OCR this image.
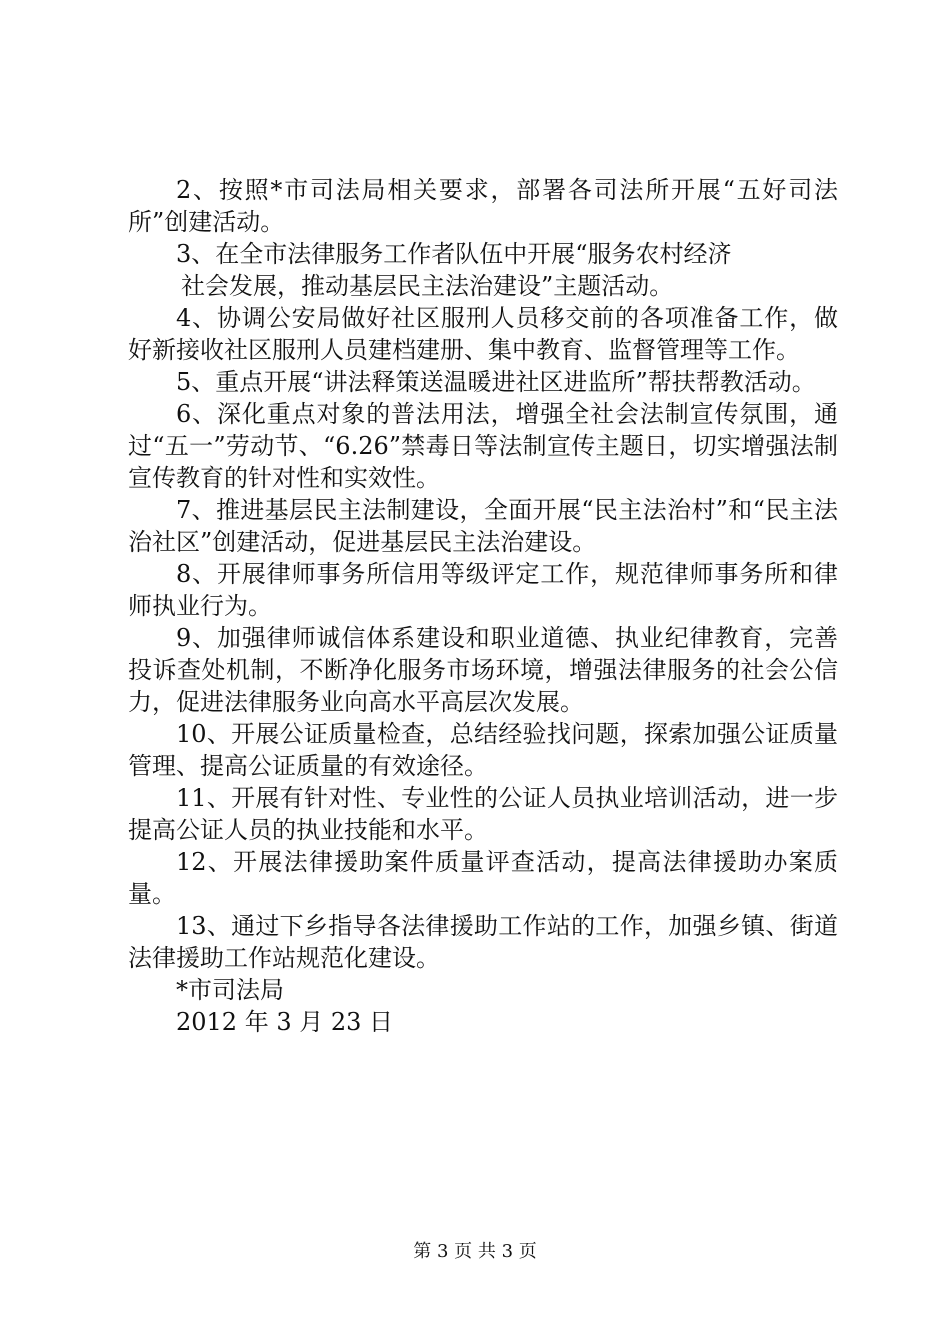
2、按照*市司法局相关要求，部署各司法所开展“五好司法所”创建活动。

3、在全市法律服务工作者队伍中开展“服务农村经济
社会发展，推动基层民主法治建设”主题活动。

4、协调公安局做好社区服刑人员移交前的各项准备工作，做好新接收社区服刑人员建档建册、集中教育、监督管理等工作。

5、重点开展“讲法释策送温暖进社区进监所”帮扶帮教活动。

6、深化重点对象的普法用法，增强全社会法制宣传氛围，通过“五一”劳动节、“6.26”禁毒日等法制宣传主题日，切实增强法制宣传教育的针对性和实效性。

7、推进基层民主法制建设，全面开展“民主法治村”和“民主法治社区”创建活动，促进基层民主法治建设。

8、开展律师事务所信用等级评定工作，规范律师事务所和律师执业行为。

9、加强律师诚信体系建设和职业道德、执业纪律教育，完善投诉查处机制，不断净化服务市场环境，增强法律服务的社会公信力，促进法律服务业向高水平高层次发展。

10、开展公证质量检查，总结经验找问题，探索加强公证质量管理、提高公证质量的有效途径。

11、开展有针对性、专业性的公证人员执业培训活动，进一步提高公证人员的执业技能和水平。

12、开展法律援助案件质量评查活动，提高法律援助办案质量。

13、通过下乡指导各法律援助工作站的工作，加强乡镇、街道法律援助工作站规范化建设。

*市司法局

2012 年 3 月 23 日

第 3 页 共 3 页
